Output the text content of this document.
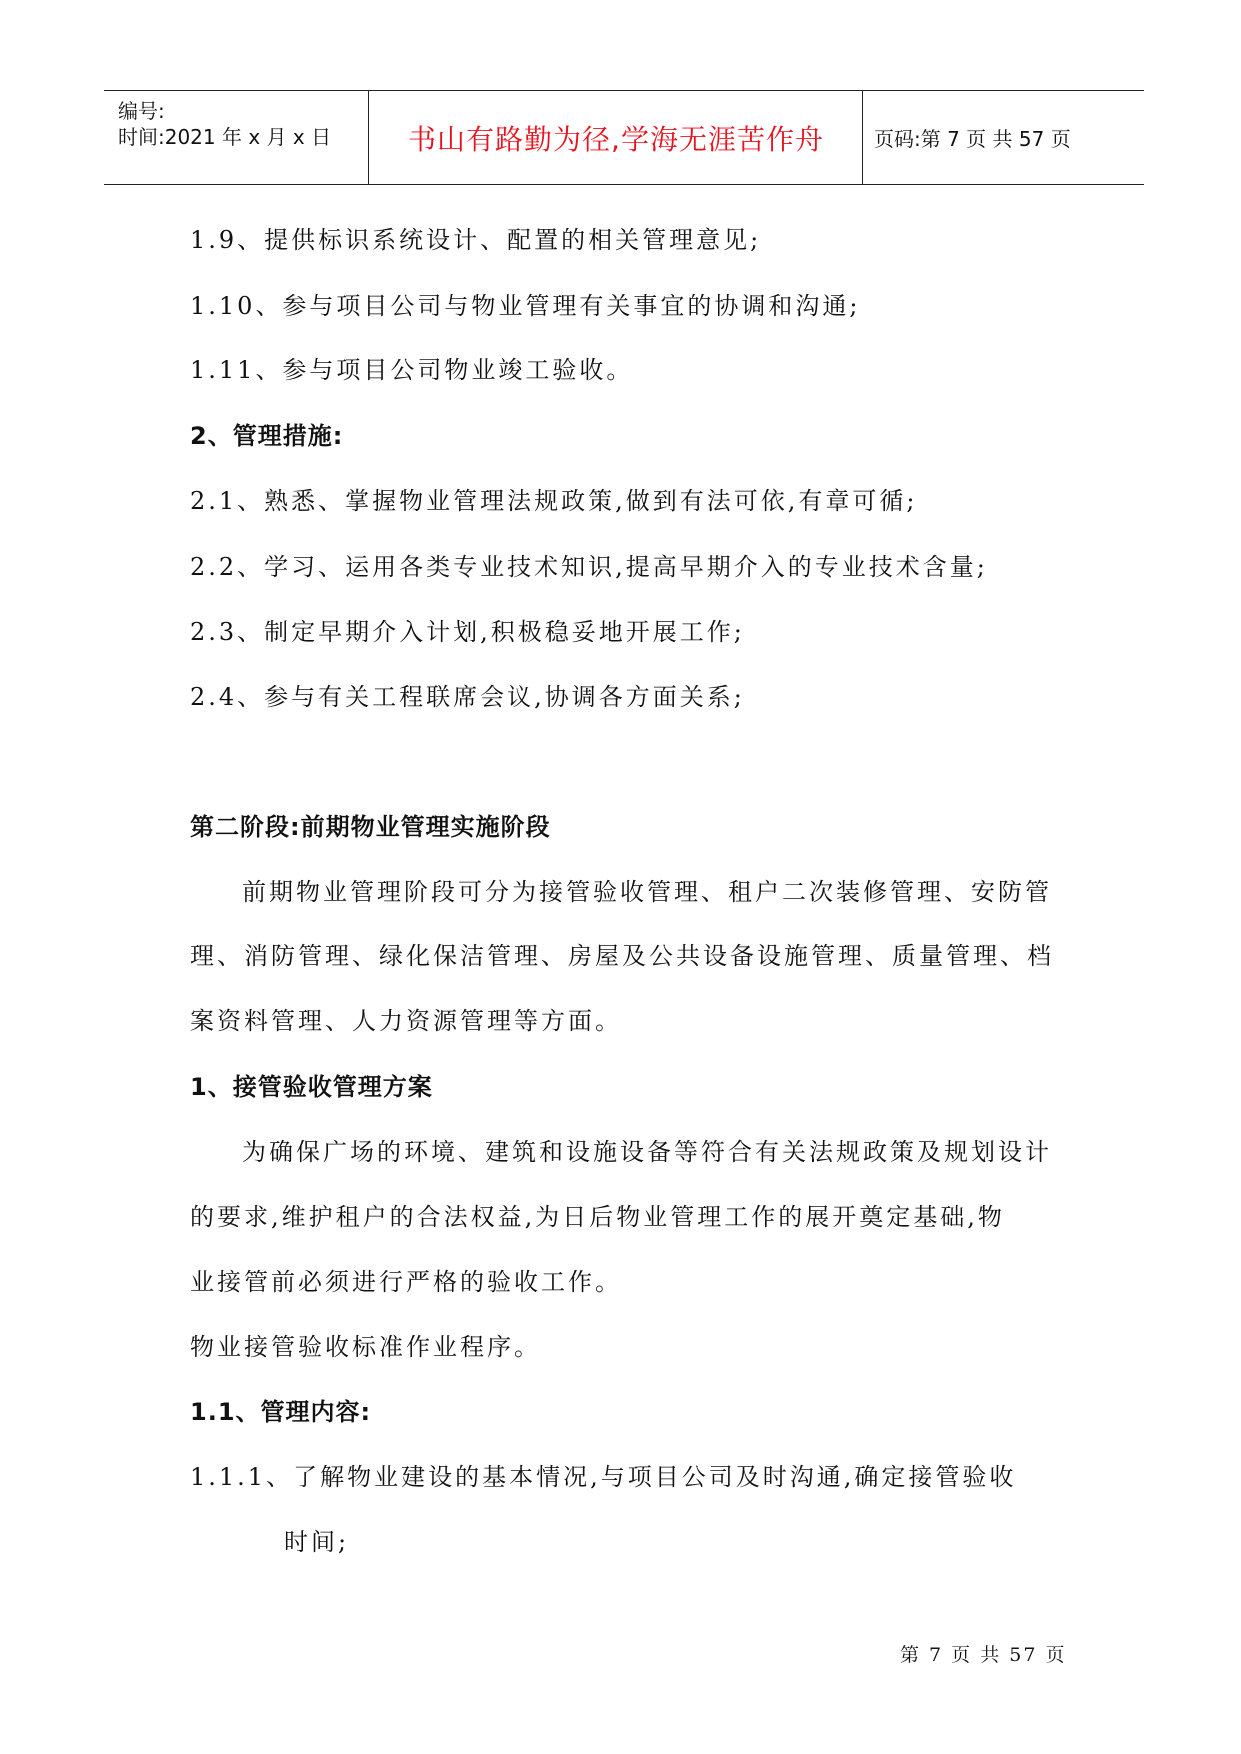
编号:
时间:2021 年 x 月 x 日	书山有路勤为径,学海无涯苦作舟	页码:第 7 页 共 57 页
1.9、提供标识系统设计、配置的相关管理意见;
1.10、参与项目公司与物业管理有关事宜的协调和沟通;
1.11、参与项目公司物业竣工验收。
2、管理措施:
2.1、熟悉、掌握物业管理法规政策,做到有法可依,有章可循;
2.2、学习、运用各类专业技术知识,提高早期介入的专业技术含量;
2.3、制定早期介入计划,积极稳妥地开展工作;
2.4、参与有关工程联席会议,协调各方面关系;
第二阶段:前期物业管理实施阶段
前期物业管理阶段可分为接管验收管理、租户二次装修管理、安防管
理、消防管理、绿化保洁管理、房屋及公共设备设施管理、质量管理、档
案资料管理、人力资源管理等方面。
1、接管验收管理方案
为确保广场的环境、建筑和设施设备等符合有关法规政策及规划设计
的要求,维护租户的合法权益,为日后物业管理工作的展开奠定基础,物
业接管前必须进行严格的验收工作。
物业接管验收标准作业程序。
1.1、管理内容:
1.1.1、了解物业建设的基本情况,与项目公司及时沟通,确定接管验收
时间;
第 7 页 共 57 页
